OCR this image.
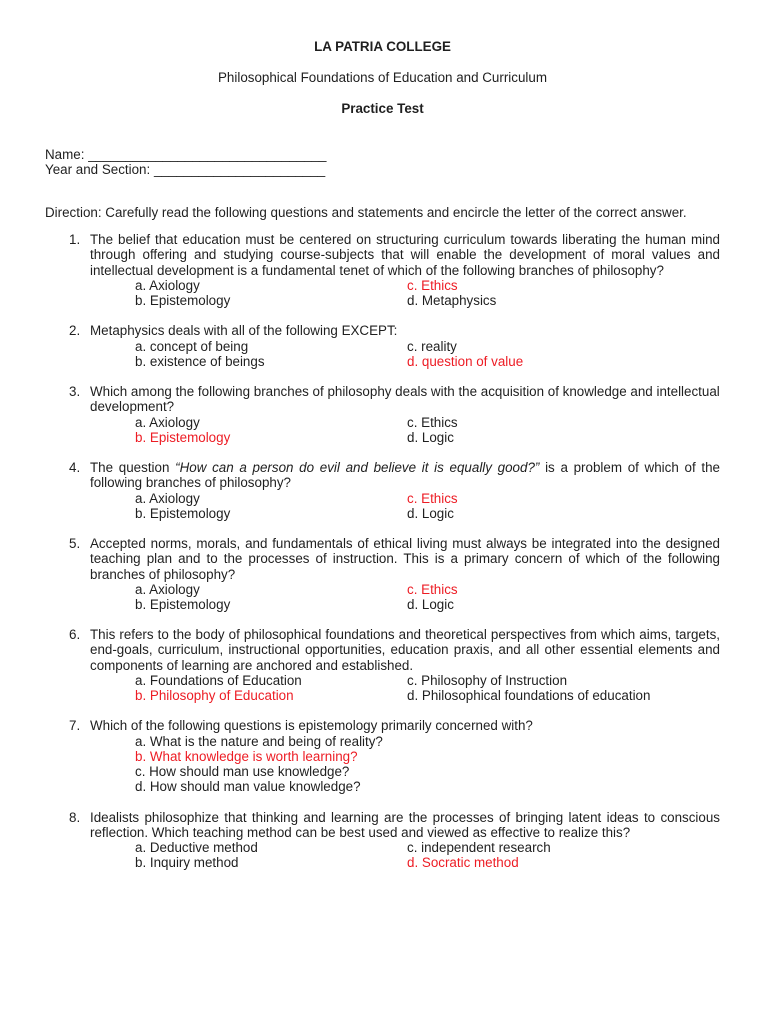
LA PATRIA COLLEGE
Philosophical Foundations of Education and Curriculum
Practice Test
Name: ________________________________
Year and Section: _______________________
Direction: Carefully read the following questions and statements and encircle the letter of the correct answer.
1. The belief that education must be centered on structuring curriculum towards liberating the human mind through offering and studying course-subjects that will enable the development of moral values and intellectual development is a fundamental tenet of which of the following branches of philosophy?
a. Axiology
b. Epistemology
c. Ethics
d. Metaphysics
2. Metaphysics deals with all of the following EXCEPT:
a. concept of being
b. existence of beings
c. reality
d. question of value
3. Which among the following branches of philosophy deals with the acquisition of knowledge and intellectual development?
a. Axiology
b. Epistemology
c. Ethics
d. Logic
4. The question “How can a person do evil and believe it is equally good?” is a problem of which of the following branches of philosophy?
a. Axiology
b. Epistemology
c. Ethics
d. Logic
5. Accepted norms, morals, and fundamentals of ethical living must always be integrated into the designed teaching plan and to the processes of instruction. This is a primary concern of which of the following branches of philosophy?
a. Axiology
b. Epistemology
c. Ethics
d. Logic
6. This refers to the body of philosophical foundations and theoretical perspectives from which aims, targets, end-goals, curriculum, instructional opportunities, education praxis, and all other essential elements and components of learning are anchored and established.
a. Foundations of Education
b. Philosophy of Education
c. Philosophy of Instruction
d. Philosophical foundations of education
7. Which of the following questions is epistemology primarily concerned with?
a. What is the nature and being of reality?
b. What knowledge is worth learning?
c. How should man use knowledge?
d. How should man value knowledge?
8. Idealists philosophize that thinking and learning are the processes of bringing latent ideas to conscious reflection. Which teaching method can be best used and viewed as effective to realize this?
a. Deductive method
b. Inquiry method
c. independent research
d. Socratic method
